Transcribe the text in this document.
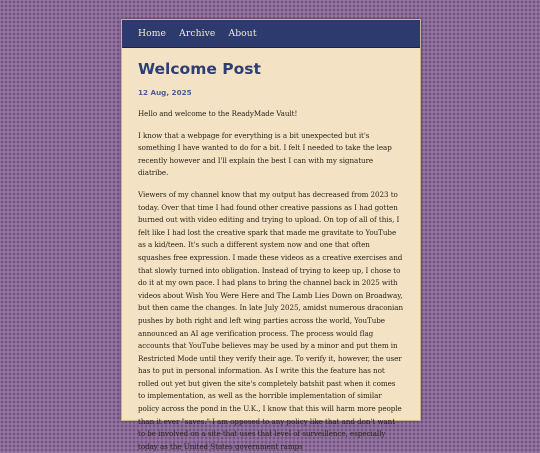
Home Archive About
Welcome Post
12 Aug, 2025

Hello and welcome to the ReadyMade Vault!

I know that a webpage for everything is a bit unexpected but it's something I have wanted to do for a bit. I felt I needed to take the leap recently however and I'll explain the best I can with my signature diatribe.

Viewers of my channel know that my output has decreased from 2023 to today. Over that time I had found other creative passions as I had gotten burned out with video editing and trying to upload. On top of all of this, I felt like I had lost the creative spark that made me gravitate to YouTube as a kid/teen. It's such a different system now and one that often squashes free expression. I made these videos as a creative exercises and that slowly turned into obligation. Instead of trying to keep up, I chose to do it at my own pace. I had plans to bring the channel back in 2025 with videos about Wish You Were Here and The Lamb Lies Down on Broadway, but then came the changes. In late July 2025, amidst numerous draconian pushes by both right and left wing parties across the world, YouTube announced an AI age verification process. The process would flag accounts that YouTube believes may be used by a minor and put them in Restricted Mode until they verify their age. To verify it, however, the user has to put in personal information. As I write this the feature has not rolled out yet but given the site's completely batshit past when it comes to implementation, as well as the horrible implementation of similar policy across the pond in the U.K., I know that this will harm more people than it ever "saves." I am opposed to any policy like that and don't want to be involved on a site that uses that level of surveillence, especially today as the United States government ramps
